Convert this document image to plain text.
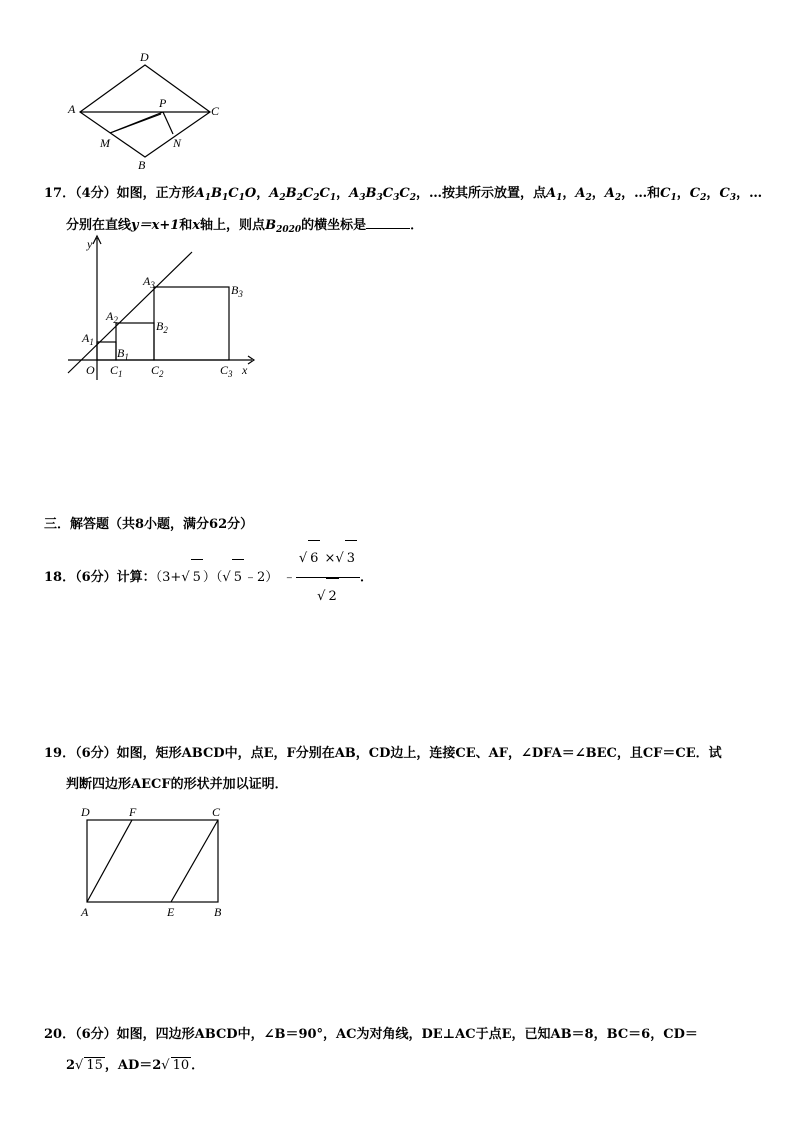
D
A	P
C
M	N
B
17．（4分）如图，正方形$A_1B_1C_1O$，$A_2B_2C_2C_1$，$A_3B_3C_3C_2$，…按其所示放置，点$A_1$，$A_2$，$A_2$，…和$C_1$，$C_2$，$C_3$，…
分别在直线y＝x+1和x轴上，则点$B_{2020}$的横坐标是	．
y
x
O
$A_1$
$B_1$
$C_1$
$A_2$	$B_2$
$C_2$
$A_3$	$B_3$
$C_3$
三．解答题（共8小题，满分62分）
18．（6分）计算：（3+√ 5 ）（√ 5 ﹣2） ﹣ $\frac{√ 6 \times√ 3}{√ 2}$ ．
19．（6分）如图，矩形ABCD中，点E，F分别在AB，CD边上，连接CE、AF，∠DFA＝∠BEC，且CF＝CE．试
判断四边形AECF的形状并加以证明．
D	F	C
A	E	B
20．（6分）如图，四边形ABCD中，∠B＝90°，AC为对角线，DE⊥AC于点E，已知AB＝8，BC＝6，CD＝
2√ 15 ，AD＝2√ 10 ．
